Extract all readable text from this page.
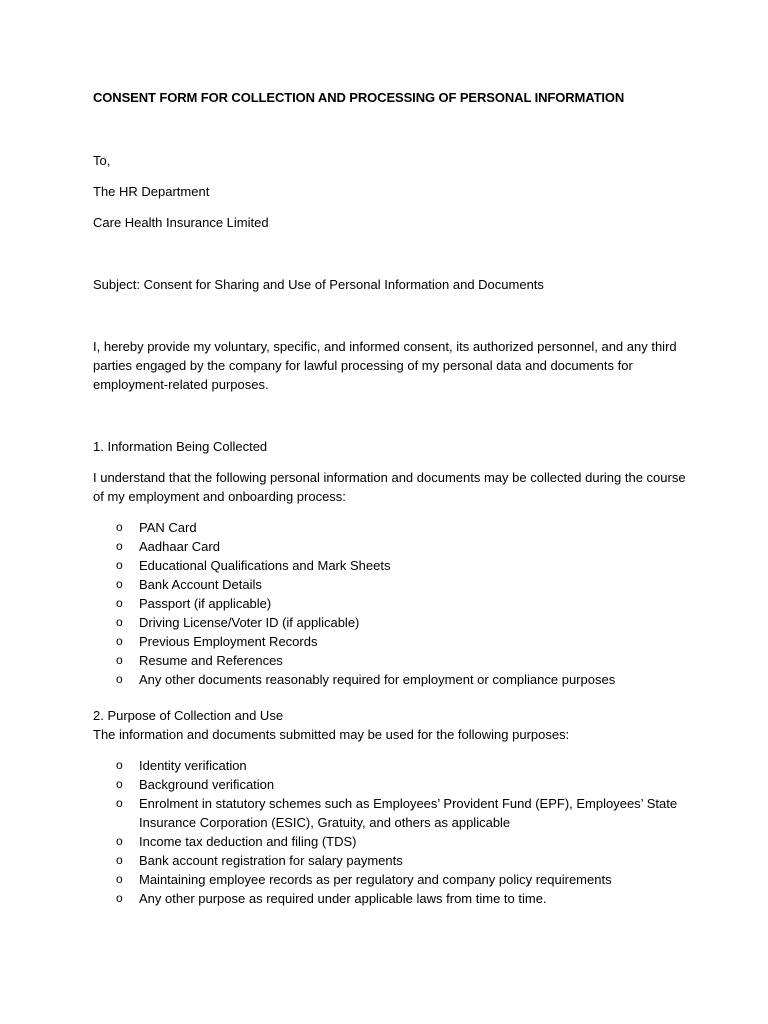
CONSENT FORM FOR COLLECTION AND PROCESSING OF PERSONAL INFORMATION

To,

The HR Department

Care Health Insurance Limited

Subject: Consent for Sharing and Use of Personal Information and Documents

I, hereby provide my voluntary, specific, and informed consent, its authorized personnel, and any third parties engaged by the company for lawful processing of my personal data and documents for employment-related purposes.

1. Information Being Collected

I understand that the following personal information and documents may be collected during the course of my employment and onboarding process:

o PAN Card
o Aadhaar Card
o Educational Qualifications and Mark Sheets
o Bank Account Details
o Passport (if applicable)
o Driving License/Voter ID (if applicable)
o Previous Employment Records
o Resume and References
o Any other documents reasonably required for employment or compliance purposes

2. Purpose of Collection and Use

The information and documents submitted may be used for the following purposes:

o Identity verification
o Background verification
o Enrolment in statutory schemes such as Employees’ Provident Fund (EPF), Employees’ State Insurance Corporation (ESIC), Gratuity, and others as applicable
o Income tax deduction and filing (TDS)
o Bank account registration for salary payments
o Maintaining employee records as per regulatory and company policy requirements
o Any other purpose as required under applicable laws from time to time.
